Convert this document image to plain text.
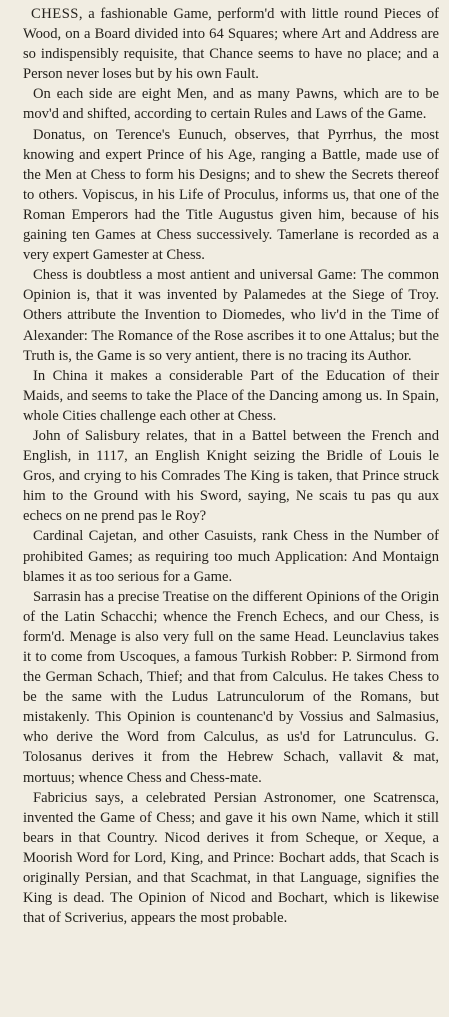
CHESS, a fashionable Game, perform'd with little round Pieces of Wood, on a Board divided into 64 Squares; where Art and Address are so indispensibly requisite, that Chance seems to have no place; and a Person never loses but by his own Fault.

On each side are eight Men, and as many Pawns, which are to be mov'd and shifted, according to certain Rules and Laws of the Game.

Donatus, on Terence's Eunuch, observes, that Pyrrhus, the most knowing and expert Prince of his Age, ranging a Battle, made use of the Men at Chess to form his Designs; and to shew the Secrets thereof to others. Vopiscus, in his Life of Proculus, informs us, that one of the Roman Emperors had the Title Augustus given him, because of his gaining ten Games at Chess successively. Tamerlane is recorded as a very expert Gamester at Chess.

Chess is doubtless a most antient and universal Game: The common Opinion is, that it was invented by Palamedes at the Siege of Troy. Others attribute the Invention to Diomedes, who liv'd in the Time of Alexander: The Romance of the Rose ascribes it to one Attalus; but the Truth is, the Game is so very antient, there is no tracing its Author.

In China it makes a considerable Part of the Education of their Maids, and seems to take the Place of the Dancing among us. In Spain, whole Cities challenge each other at Chess.

John of Salisbury relates, that in a Battel between the French and English, in 1117, an English Knight seizing the Bridle of Louis le Gros, and crying to his Comrades The King is taken, that Prince struck him to the Ground with his Sword, saying, Ne scais tu pas qu aux echecs on ne prend pas le Roy?

Cardinal Cajetan, and other Casuists, rank Chess in the Number of prohibited Games; as requiring too much Application: And Montaign blames it as too serious for a Game.

Sarrasin has a precise Treatise on the different Opinions of the Origin of the Latin Schacchi; whence the French Echecs, and our Chess, is form'd. Menage is also very full on the same Head. Leunclavius takes it to come from Uscoques, a famous Turkish Robber: P. Sirmond from the German Schach, Thief; and that from Calculus. He takes Chess to be the same with the Ludus Latrunculorum of the Romans, but mistakenly. This Opinion is countenanc'd by Vossius and Salmasius, who derive the Word from Calculus, as us'd for Latrunculus. G. Tolosanus derives it from the Hebrew Schach, vallavit & mat, mortuus; whence Chess and Chess-mate.

Fabricius says, a celebrated Persian Astronomer, one Scatrensca, invented the Game of Chess; and gave it his own Name, which it still bears in that Country. Nicod derives it from Scheque, or Xeque, a Moorish Word for Lord, King, and Prince: Bochart adds, that Scach is originally Persian, and that Scachmat, in that Language, signifies the King is dead. The Opinion of Nicod and Bochart, which is likewise that of Scriverius, appears the most probable.
